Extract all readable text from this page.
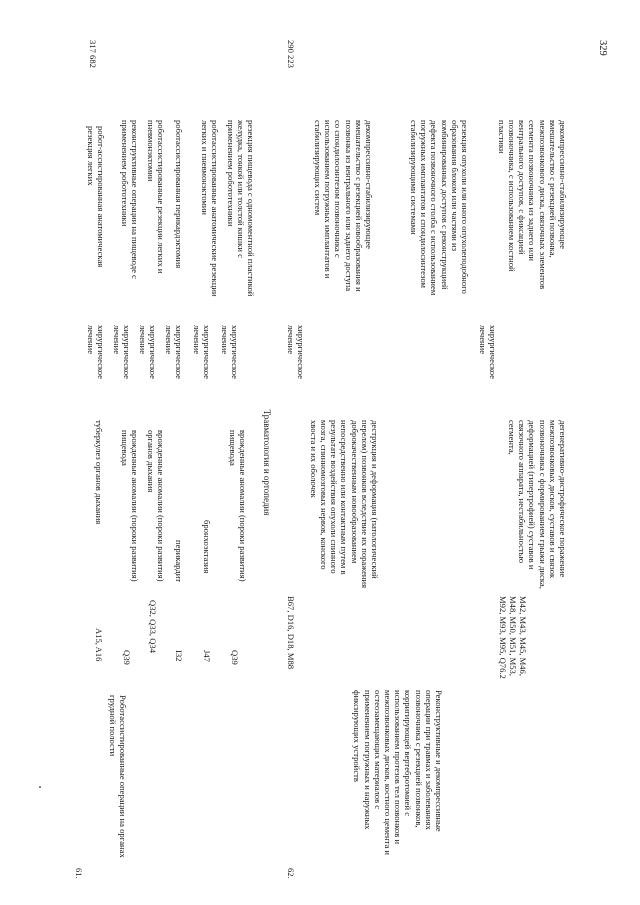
329
61.
Роботассистированные операции на органах грудной полости
A15, A16
туберкулез органов дыхания
хирургическое лечение
робот-ассистированная анатомическая резекция легких
317 682
Q39
врожденные аномалии (пороки развития) пищевода
хирургическое лечение
реконструктивные операции на пищеводе с применением робототехники
Q32, Q33, Q34
врожденные аномалии (пороки развития) органов дыхания
хирургическое лечение
роботассистированные резекции легких и пневмонэктомии
I32
перикардит
хирургическое лечение
роботассистированная перикардэктомия
J47
бронхоэктазия
хирургическое лечение
роботассистированные анатомические резекции легких и пневмонэктомии
Q39
врожденные аномалии (пороки развития) пищевода
хирургическое лечение
резекция пищевода с одномоментной пластикой желудка, тонкой или толстой кишки с применением робототехники
Травматология и ортопедия
62.
Реконструктивные и декомпрессивные операции при травмах и заболеваниях позвоночника с резекцией позвонков, корригирующей вертебротомией с использованием протезов тел позвонков и межпозвонковых дисков, костного цемента и остеозамещающих материалов с применением погружных и наружных фиксирующих устройств
B67, D16, D18, M88
деструкция и деформация (патологический перелом) позвонков вследствие их поражения доброкачественным новообразованием непосредственно или контактным путем в результате воздействия опухоли спинного мозга, спинномозговых нервов, конского хвоста и их оболочек
хирургическое лечение
декомпрессивно-стабилизирующее вмешательство с резекцией новообразования и позвонка из вентрального или заднего доступа со спондилосинтезом позвоночника с использованием погружных имплантатов и стабилизирующих систем	резекция опухоли или иного опухолеподобного образования блоком или частями из комбинированных доступов с реконструкцией дефекта позвоночного столба с использованием погружных имплантатов и спондилосинтезом стабилизирующими системами
290 223
M42, M43, M45, M46, M48, M50, M51, M53, M92, M93, M95, Q76.2
дегенеративно-дистрофическое поражение межпозвонковых дисков, суставов и связок позвоночника с формированием грыжи диска, деформацией (гипертрофией) суставов и связочного аппарата, нестабильностью сегмента,
хирургическое лечение
декомпрессивно-стабилизирующее вмешательство с резекцией позвонка, межпозвонкового диска, связочных элементов сегмента позвоночника из заднего или вентрального доступов, с фиксацией позвоночника, с использованием костной пластики
